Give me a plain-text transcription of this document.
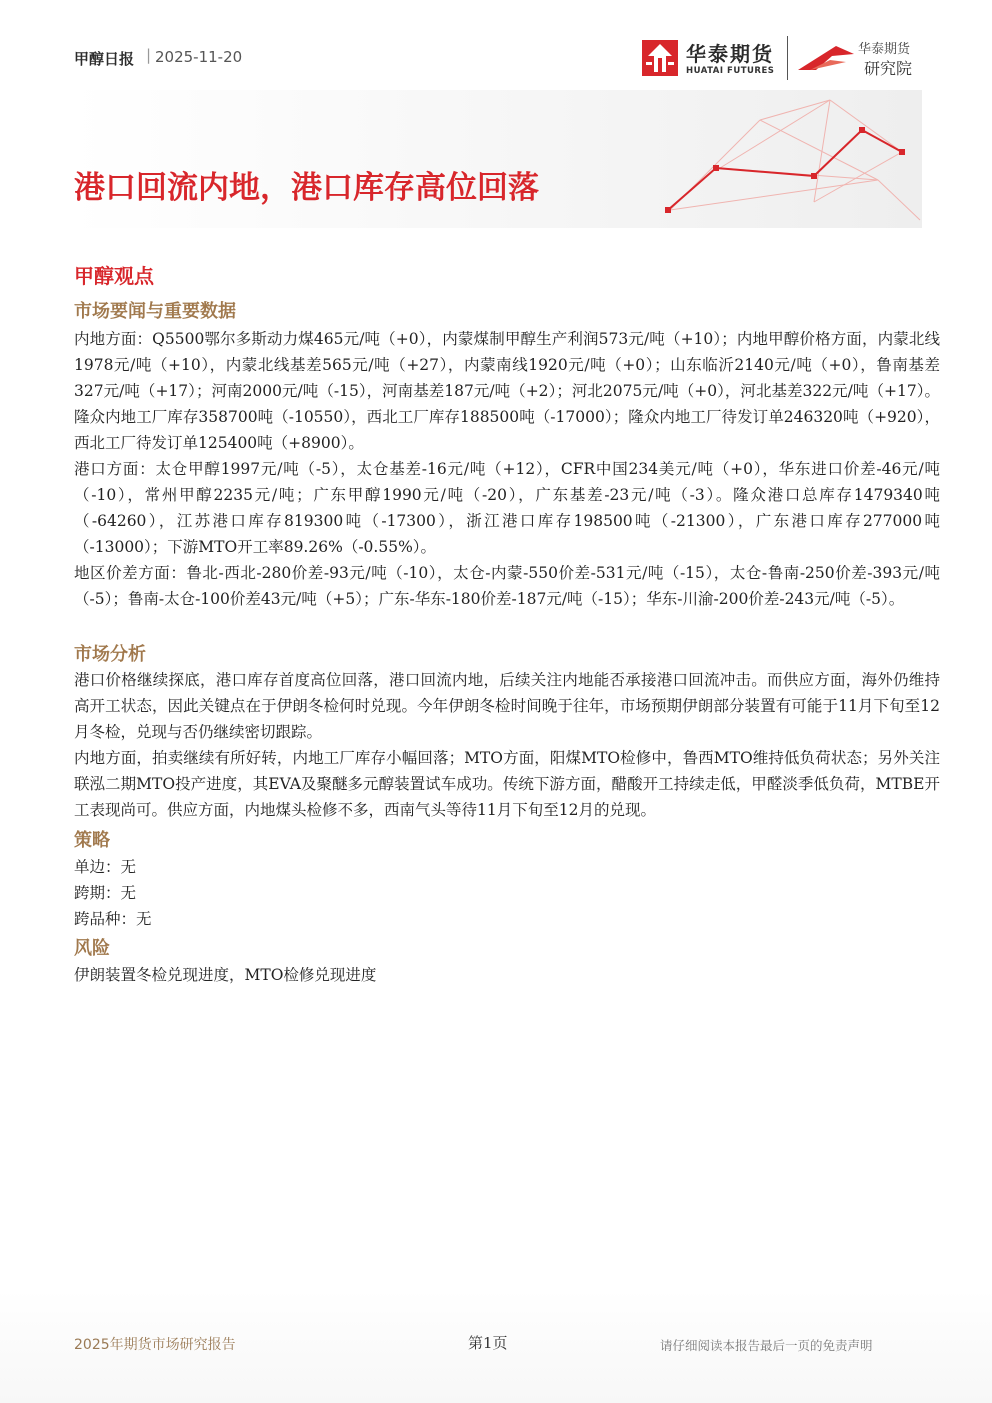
甲醇日报 | 2025-11-20	华泰期货
HUATAI FUTURES
华泰期货
研究院
港口回流内地，港口库存高位回落
甲醇观点
市场要闻与重要数据

内地方面：Q5500鄂尔多斯动力煤465元/吨（+0），内蒙煤制甲醇生产利润573元/吨（+10）；内地甲醇价格方面，内蒙北线1978元/吨（+10），内蒙北线基差565元/吨（+27），内蒙南线1920元/吨（+0）；山东临沂2140元/吨（+0），鲁南基差327元/吨（+17）；河南2000元/吨（-15），河南基差187元/吨（+2）；河北2075元/吨（+0），河北基差322元/吨（+17）。隆众内地工厂库存358700吨（-10550），西北工厂库存188500吨（-17000）；隆众内地工厂待发订单246320吨（+920），西北工厂待发订单125400吨（+8900）。

港口方面：太仓甲醇1997元/吨（-5），太仓基差-16元/吨（+12），CFR中国234美元/吨（+0），华东进口价差-46元/吨（-10），常州甲醇2235元/吨；广东甲醇1990元/吨（-20），广东基差-23元/吨（-3）。隆众港口总库存1479340吨（-64260），江苏港口库存819300吨（-17300），浙江港口库存198500吨（-21300），广东港口库存277000吨（-13000）；下游MTO开工率89.26%（-0.55%）。

地区价差方面：鲁北-西北-280价差-93元/吨（-10），太仓-内蒙-550价差-531元/吨（-15），太仓-鲁南-250价差-393元/吨（-5）；鲁南-太仓-100价差43元/吨（+5）；广东-华东-180价差-187元/吨（-15）；华东-川渝-200价差-243元/吨（-5）。

市场分析

港口价格继续探底，港口库存首度高位回落，港口回流内地，后续关注内地能否承接港口回流冲击。而供应方面，海外仍维持高开工状态，因此关键点在于伊朗冬检何时兑现。今年伊朗冬检时间晚于往年，市场预期伊朗部分装置有可能于11月下旬至12月冬检，兑现与否仍继续密切跟踪。

内地方面，拍卖继续有所好转，内地工厂库存小幅回落；MTO方面，阳煤MTO检修中，鲁西MTO维持低负荷状态；另外关注联泓二期MTO投产进度，其EVA及聚醚多元醇装置试车成功。传统下游方面，醋酸开工持续走低，甲醛淡季低负荷，MTBE开工表现尚可。供应方面，内地煤头检修不多，西南气头等待11月下旬至12月的兑现。

策略
单边：无
跨期：无
跨品种：无
风险
伊朗装置冬检兑现进度，MTO检修兑现进度
2025年期货市场研究报告	第1页	请仔细阅读本报告最后一页的免责声明
